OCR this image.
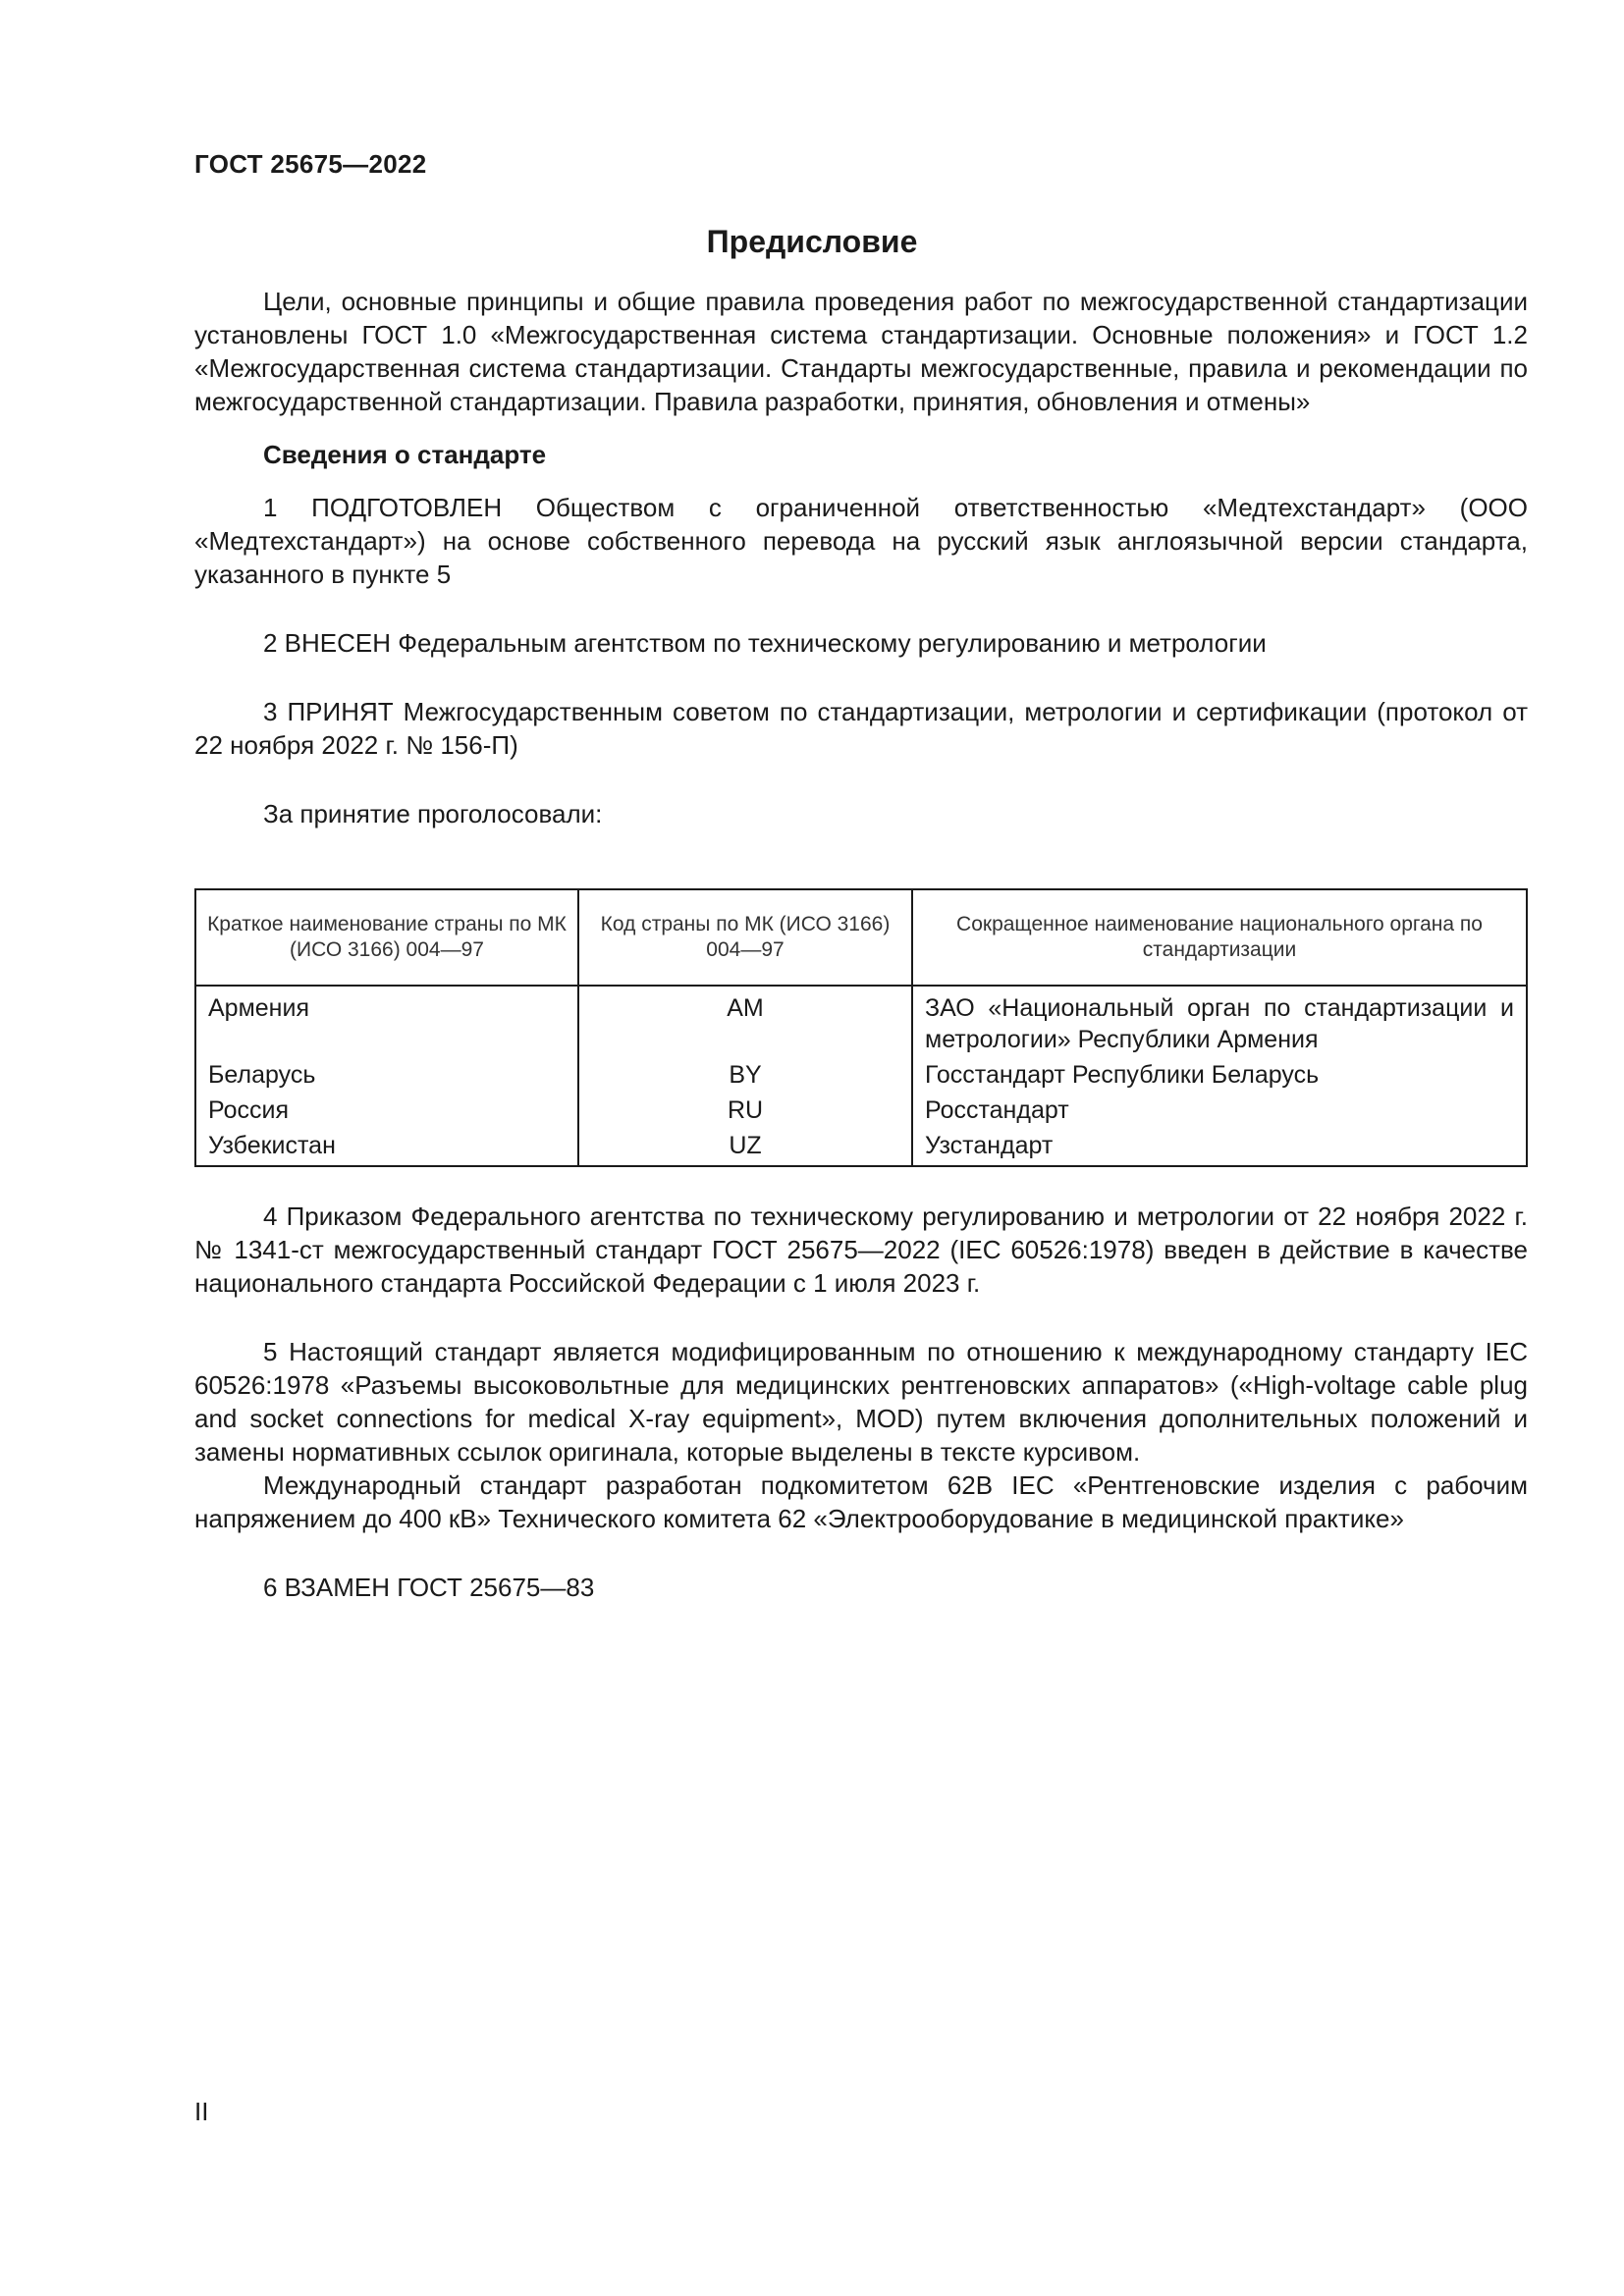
ГОСТ 25675—2022
Предисловие

Цели, основные принципы и общие правила проведения работ по межгосударственной стандартизации установлены ГОСТ 1.0 «Межгосударственная система стандартизации. Основные положения» и ГОСТ 1.2 «Межгосударственная система стандартизации. Стандарты межгосударственные, правила и рекомендации по межгосударственной стандартизации. Правила разработки, принятия, обновления и отмены»

Сведения о стандарте

1 ПОДГОТОВЛЕН Обществом с ограниченной ответственностью «Медтехстандарт» (ООО «Медтехстандарт») на основе собственного перевода на русский язык англоязычной версии стандарта, указанного в пункте 5

2 ВНЕСЕН Федеральным агентством по техническому регулированию и метрологии

3 ПРИНЯТ Межгосударственным советом по стандартизации, метрологии и сертификации (протокол от 22 ноября 2022 г. № 156-П)

За принятие проголосовали:

Краткое наименование страны по МК (ИСО 3166) 004—97	Код страны по МК (ИСО 3166) 004—97	Сокращенное наименование национального органа по стандартизации
Армения	AM	ЗАО «Национальный орган по стандартизации и метрологии» Республики Армения
Беларусь	BY	Госстандарт Республики Беларусь
Россия	RU	Росстандарт
Узбекистан	UZ	Узстандарт

4 Приказом Федерального агентства по техническому регулированию и метрологии от 22 ноября 2022 г. № 1341-ст межгосударственный стандарт ГОСТ 25675—2022 (IEC 60526:1978) введен в действие в качестве национального стандарта Российской Федерации с 1 июля 2023 г.

5 Настоящий стандарт является модифицированным по отношению к международному стандарту IEC 60526:1978 «Разъемы высоковольтные для медицинских рентгеновских аппаратов» («High-voltage cable plug and socket connections for medical X-ray equipment», MOD) путем включения дополнительных положений и замены нормативных ссылок оригинала, которые выделены в тексте курсивом.

Международный стандарт разработан подкомитетом 62В IEC «Рентгеновские изделия с рабочим напряжением до 400 кВ» Технического комитета 62 «Электрооборудование в медицинской практике»

6 ВЗАМЕН ГОСТ 25675—83

II
